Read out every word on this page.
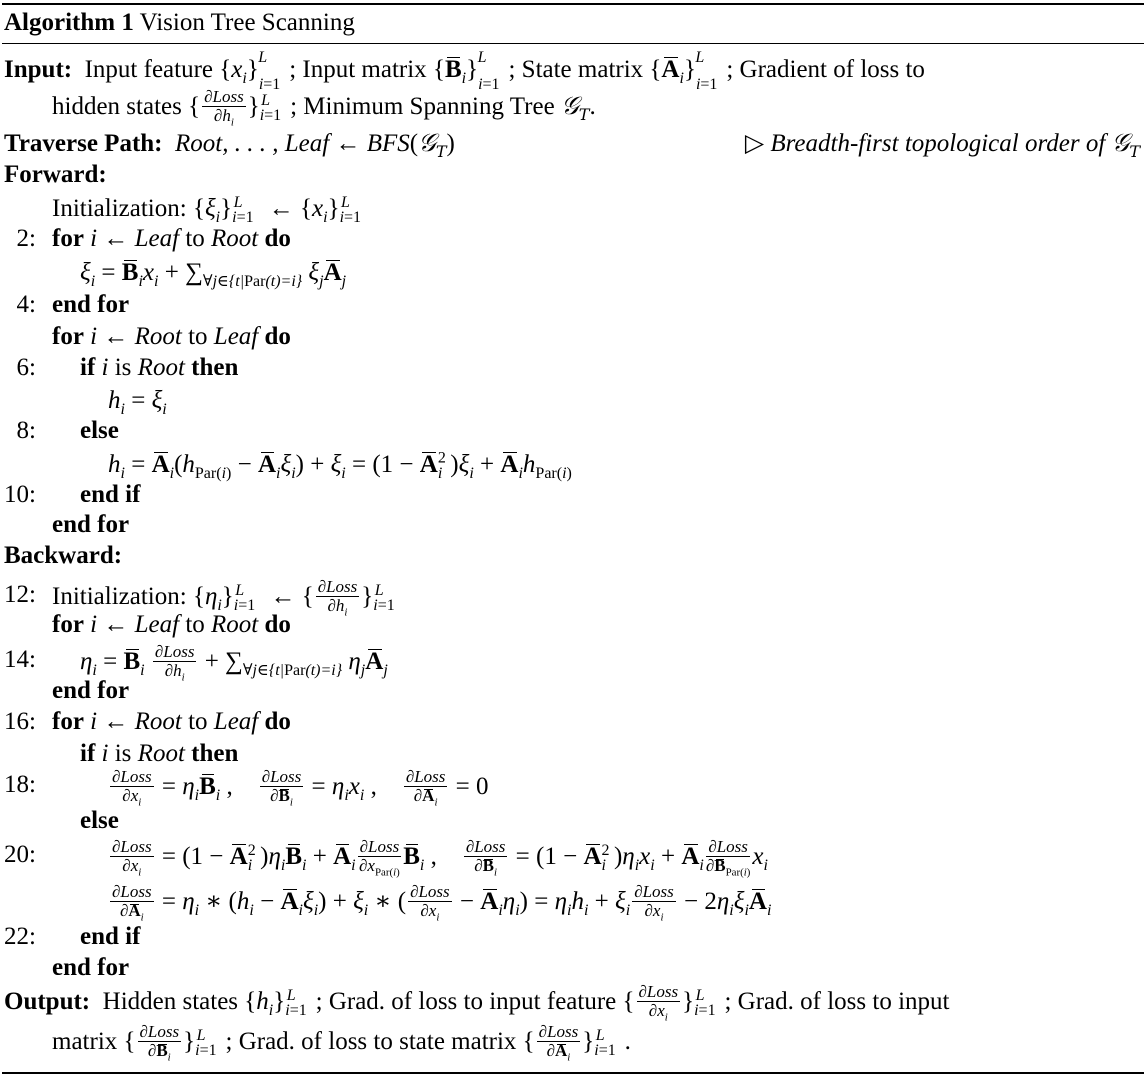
Algorithm 1 Vision Tree Scanning
Input: Input feature $\{x_i\}_{i=1}^L$ ; Input matrix $\{B_i\}_{i=1}^L$ ; State matrix $\{A_i\}_{i=1}^L$ ; Gradient of loss to
hidden states { $\frac{\text{∂Loss}}{\partial h_i} \}_{i=1}^L$ ; Minimum Spanning Tree 𝒢$_T$.
Traverse Path: Root, . . . , Leaf ← BFS(𝒢$_T$)	▷ Breadth-first topological order of 𝒢$_T$
Forward:
Initialization: $\{\xi_i\}_{i=1}^L$ ← $\{x_i\}_{i=1}^L$
2: for i ← Leaf to Root do
$\xi_i = B_ix_i + \sum_{\forall j\in\{t|Par(t)=i\}}$ $\xi_jA_j$
4: end for
for i ← Root to Leaf do
6: if i is Root then
$h_i = \xi_i$
8: else
$h_i = A_i(h_{Par(i)} - A_i\xi_i) + \xi_i = (1 - A^2_i$ )$\xi_i + A_ih_{Par(i)}$
10: end if
end for
Backward:
12: Initialization: $\{\eta_i\}_{i=1}^L$ ← { $\frac{\text{∂Loss}}{\partial h_i} \}_{i=1}^L$
for i ← Leaf to Root do
14: $\eta_i = B_i \frac{\text{∂Loss}}{\partial h_i} + \sum_{\forall j\in\{t|Par(t)=i\}}$ $\eta_jA_j$
end for
16: for i ← Root to Leaf do
if i is Root then
18:	$\frac{\text{∂Loss}}{\partial x_i} = \eta_iB_i$ , $\frac{\text{∂Loss}}{\partial B_i} = \eta_ix_i$ , $\frac{\text{∂Loss}}{\partial A_i} = 0$
else
20:	$\frac{\text{∂Loss}}{\partial x_i} = (1 - A^2_i$ )$\eta_iB_i + A_i \frac{\text{∂Loss}}{\partial x_{Par(i)}} B_i$ , $\frac{\text{∂Loss}}{\partial B_i} = (1 - A^2_i$ )$\eta_ix_i + A_i \frac{\text{∂Loss}}{\partial B_{Par(i)}} x_i$
$\frac{\text{∂Loss}}{\partial A_i} = \eta_i$ ∗ $(h_i - A_i\xi_i) + \xi_i$ ∗ ( $\frac{\text{∂Loss}}{\partial x_i} - A_i\eta_i) = \eta_ih_i + \xi_i \frac{\text{∂Loss}}{\partial x_i} - 2\eta_i\xi_iA_i$
22: end if
end for
Output: Hidden states $\{h_i\}_{i=1}^L$ ; Grad. of loss to input feature { $\frac{\text{∂Loss}}{\partial x_i} \}_{i=1}^L$ ; Grad. of loss to input
matrix { $\frac{\text{∂Loss}}{\partial B_i} \}_{i=1}^L$ ; Grad. of loss to state matrix { $\frac{\text{∂Loss}}{\partial A_i} \}_{i=1}^L$ .
